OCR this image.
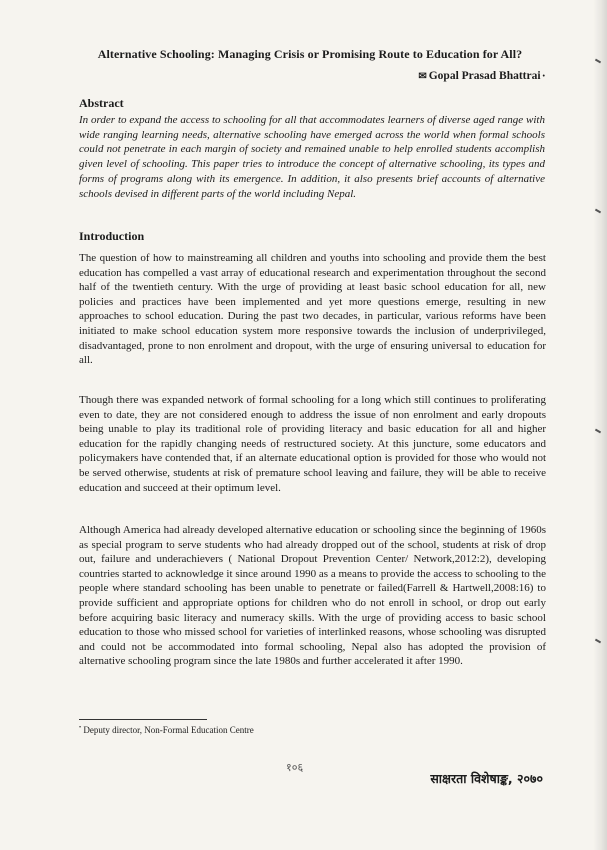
Alternative Schooling: Managing Crisis or Promising Route to Education for All?
✉ Gopal Prasad Bhattrai •
Abstract
In order to expand the access to schooling for all that accommodates learners of diverse aged range with wide ranging learning needs, alternative schooling have emerged across the world when formal schools could not penetrate in each margin of society and remained unable to help enrolled students accomplish given level of schooling. This paper tries to introduce the concept of alternative schooling, its types and forms of programs along with its emergence. In addition, it also presents brief accounts of alternative schools devised in different parts of the world including Nepal.
Introduction
The question of how to mainstreaming all children and youths into schooling and provide them the best education has compelled a vast array of educational research and experimentation throughout the second half of the twentieth century. With the urge of providing at least basic school education for all, new policies and practices have been implemented and yet more questions emerge, resulting in new approaches to school education. During the past two decades, in particular, various reforms have been initiated to make school education system more responsive towards the inclusion of underprivileged, disadvantaged, prone to non enrolment and dropout, with the urge of ensuring universal to education for all.
Though there was expanded network of formal schooling for a long which still continues to proliferating even to date, they are not considered enough to address the issue of non enrolment and early dropouts being unable to play its traditional role of providing literacy and basic education for all and higher education for the rapidly changing needs of restructured society. At this juncture, some educators and policymakers have contended that, if an alternate educational option is provided for those who would not be served otherwise, students at risk of premature school leaving and failure, they will be able to receive education and succeed at their optimum level.
Although America had already developed alternative education or schooling since the beginning of 1960s as special program to serve students who had already dropped out of the school, students at risk of drop out, failure and underachievers ( National Dropout Prevention Center/ Network,2012:2), developing countries started to acknowledge it since around 1990 as a means to provide the access to schooling to the people where standard schooling has been unable to penetrate or failed(Farrell & Hartwell,2008:16) to provide sufficient and appropriate options for children who do not enroll in school, or drop out early before acquiring basic literacy and numeracy skills. With the urge of providing access to basic school education to those who missed school for varieties of interlinked reasons, whose schooling was disrupted and could not be accommodated into formal schooling, Nepal also has adopted the provision of alternative schooling program since the late 1980s and further accelerated it after 1990.
• Deputy director, Non-Formal Education Centre
१०६
साक्षरता विशेषाङ्क, २०७०
